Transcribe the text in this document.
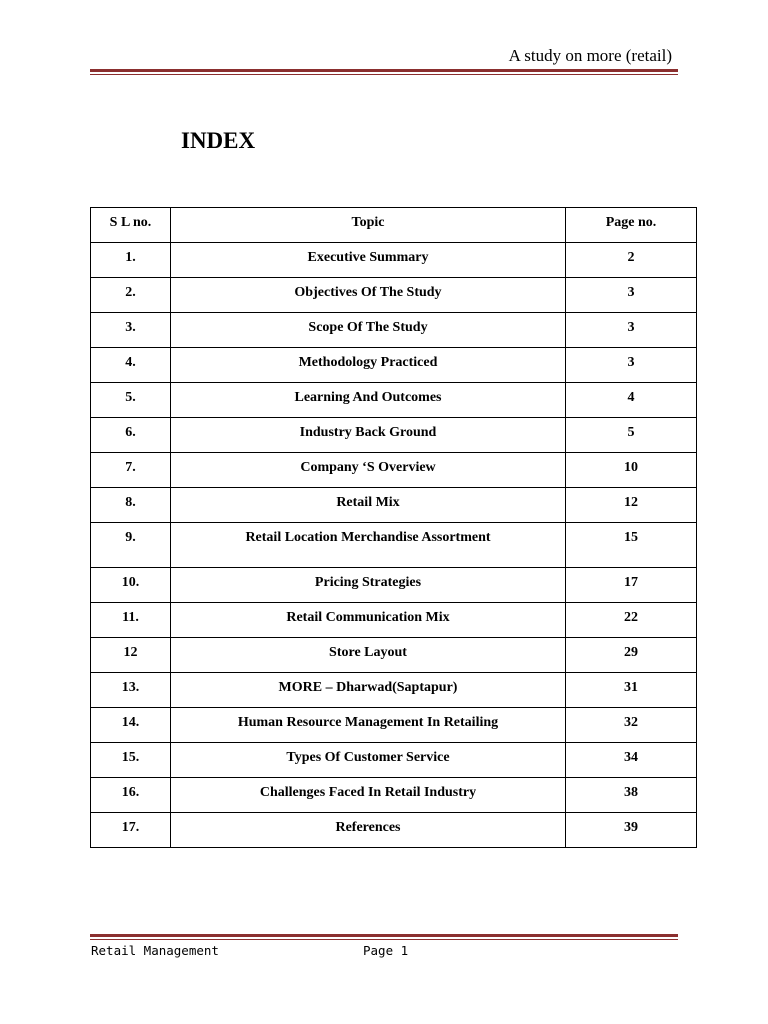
A study on more (retail)
INDEX
S L no.	Topic	Page no.
1.	Executive Summary	2
2.	Objectives Of The Study	3
3.	Scope Of The Study	3
4.	Methodology Practiced	3
5.	Learning And Outcomes	4
6.	Industry Back Ground	5
7.	Company ‘S Overview	10
8.	Retail Mix	12
9.	Retail Location Merchandise Assortment	15
10.	Pricing Strategies	17
11.	Retail Communication Mix	22
12	Store Layout	29
13.	MORE – Dharwad(Saptapur)	31
14.	Human Resource Management In Retailing	32
15.	Types Of Customer Service	34
16.	Challenges Faced In Retail Industry	38
17.	References	39
Retail Management	Page 1
